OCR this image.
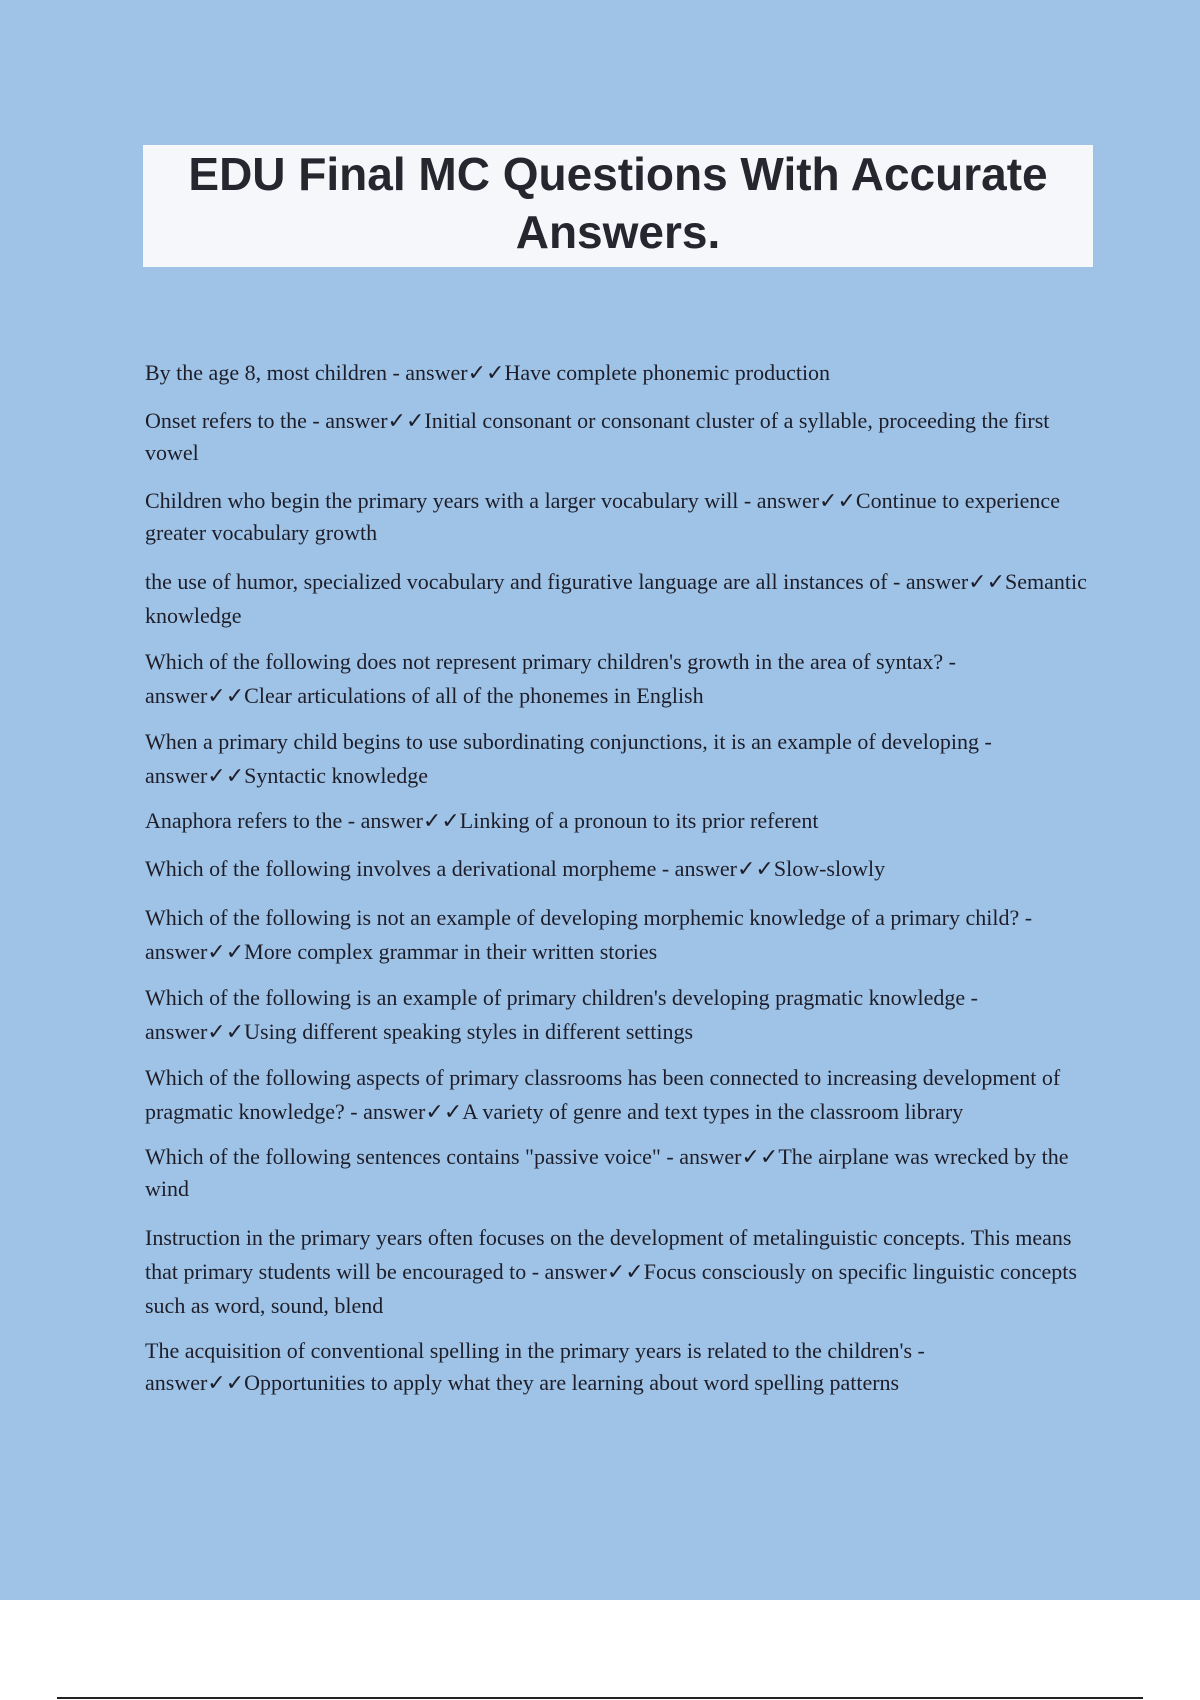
EDU Final MC Questions With Accurate
Answers.
By the age 8, most children - answer✓✓Have complete phonemic production
Onset refers to the - answer✓✓Initial consonant or consonant cluster of a syllable, proceeding the first vowel
Children who begin the primary years with a larger vocabulary will - answer✓✓Continue to experience greater vocabulary growth
the use of humor, specialized vocabulary and figurative language are all instances of - answer✓✓Semantic knowledge
Which of the following does not represent primary children's growth in the area of syntax? - answer✓✓Clear articulations of all of the phonemes in English
When a primary child begins to use subordinating conjunctions, it is an example of developing - answer✓✓Syntactic knowledge
Anaphora refers to the - answer✓✓Linking of a pronoun to its prior referent
Which of the following involves a derivational morpheme - answer✓✓Slow-slowly
Which of the following is not an example of developing morphemic knowledge of a primary child? - answer✓✓More complex grammar in their written stories
Which of the following is an example of primary children's developing pragmatic knowledge - answer✓✓Using different speaking styles in different settings
Which of the following aspects of primary classrooms has been connected to increasing development of pragmatic knowledge? - answer✓✓A variety of genre and text types in the classroom library
Which of the following sentences contains "passive voice" - answer✓✓The airplane was wrecked by the wind
Instruction in the primary years often focuses on the development of metalinguistic concepts. This means that primary students will be encouraged to - answer✓✓Focus consciously on specific linguistic concepts such as word, sound, blend
The acquisition of conventional spelling in the primary years is related to the children's - answer✓✓Opportunities to apply what they are learning about word spelling patterns
